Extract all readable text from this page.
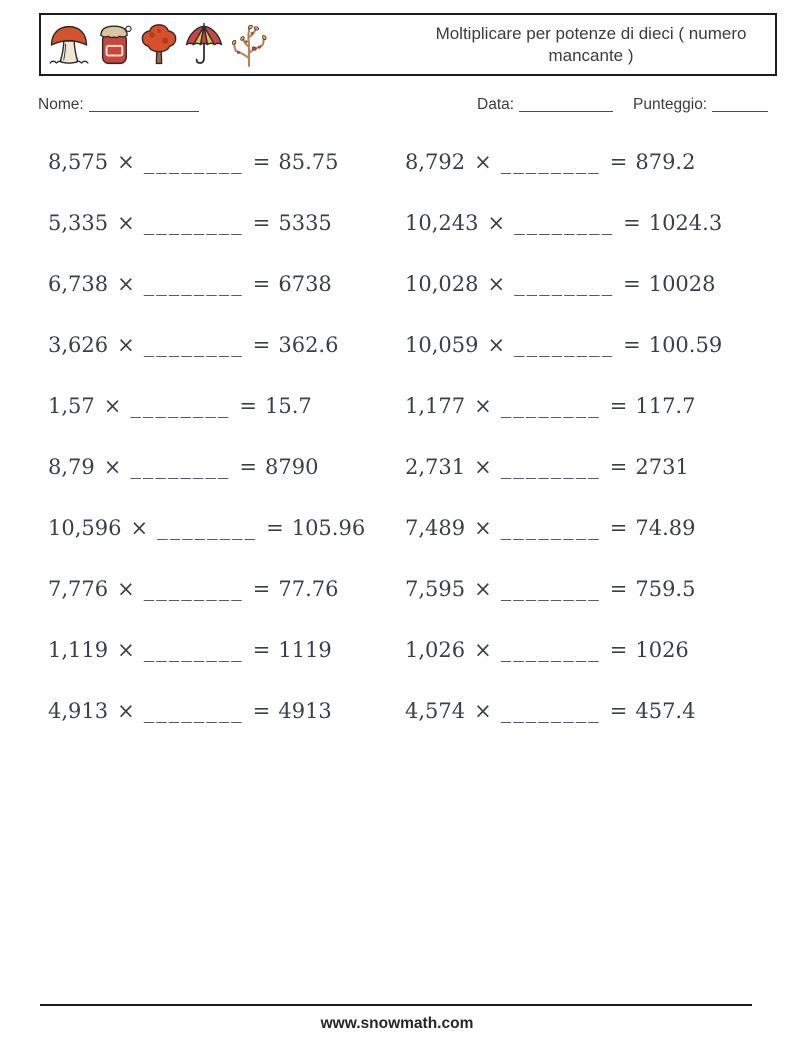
Moltiplicare per potenze di dieci ( numero
mancante )
Nome:	Data:	Punteggio:
8,575 × ________ = 85.75
5,335 × ________ = 5335
6,738 × ________ = 6738
3,626 × ________ = 362.6
1,57 × ________ = 15.7
8,79 × ________ = 8790
10,596 × ________ = 105.96
7,776 × ________ = 77.76
1,119 × ________ = 1119
4,913 × ________ = 4913
8,792 × ________ = 879.2
10,243 × ________ = 1024.3
10,028 × ________ = 10028
10,059 × ________ = 100.59
1,177 × ________ = 117.7
2,731 × ________ = 2731
7,489 × ________ = 74.89
7,595 × ________ = 759.5
1,026 × ________ = 1026
4,574 × ________ = 457.4
www.snowmath.com
